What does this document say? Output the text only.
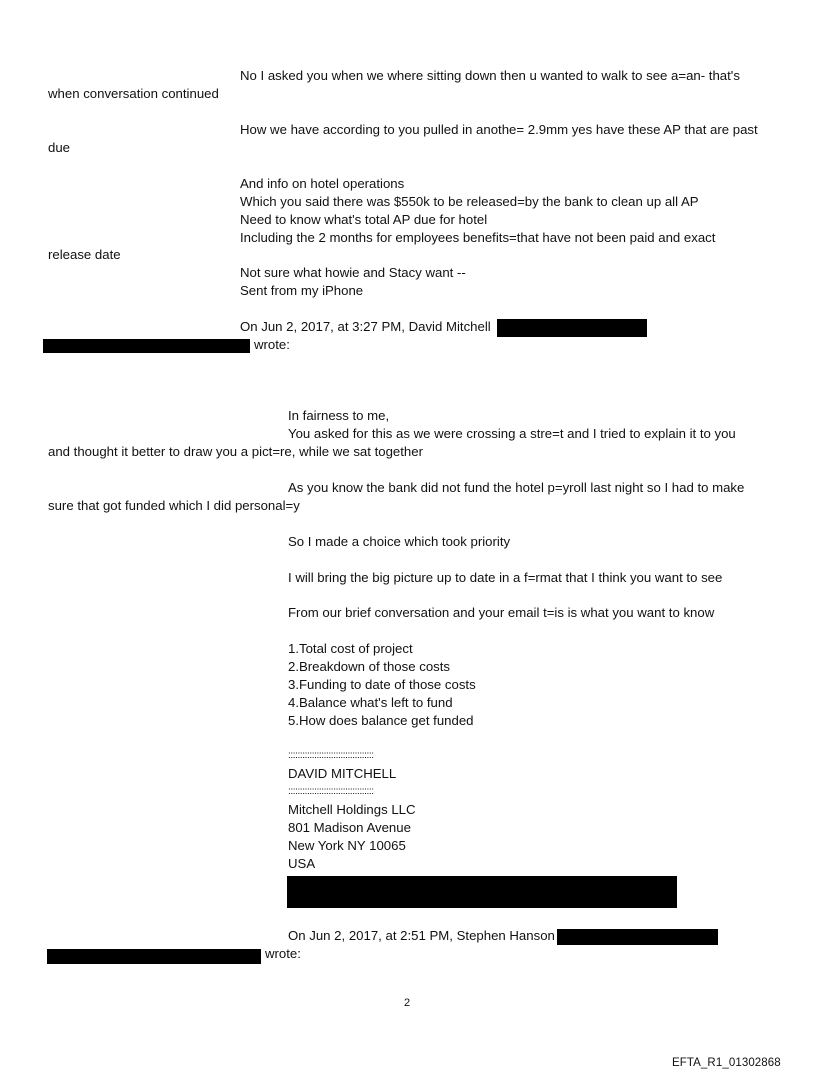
No I asked you when we where sitting down then u wanted to walk to see a=an- that's
when conversation continued
How we have according to you pulled in anothe= 2.9mm yes have these AP that are past
due
And info on hotel operations
Which you said there was $550k to be released=by the bank to clean up all AP
Need to know what's total AP due for hotel
Including the 2 months for employees benefits=that have not been paid and exact
release date
Not sure what howie and Stacy want --
Sent from my iPhone
On Jun 2, 2017, at 3:27 PM, David Mitchell
wrote:
In fairness to me,
You asked for this as we were crossing a stre=t and I tried to explain it to you
and thought it better to draw you a pict=re, while we sat together
As you know the bank did not fund the hotel p=yroll last night so I had to make
sure that got funded which I did personal=y
So I made a choice which took priority
I will bring the big picture up to date in a f=rmat that I think you want to see
From our brief conversation and your email t=is is what you want to know
1.Total cost of project
2.Breakdown of those costs
3.Funding to date of those costs
4.Balance what's left to fund
5.How does balance get funded
::::::::::::::::::::::::::::::::::::
DAVID MITCHELL
::::::::::::::::::::::::::::::::::::
Mitchell Holdings LLC
801 Madison Avenue
New York NY 10065
USA
On Jun 2, 2017, at 2:51 PM, Stephen Hanson
wrote:
2
EFTA_R1_01302868
